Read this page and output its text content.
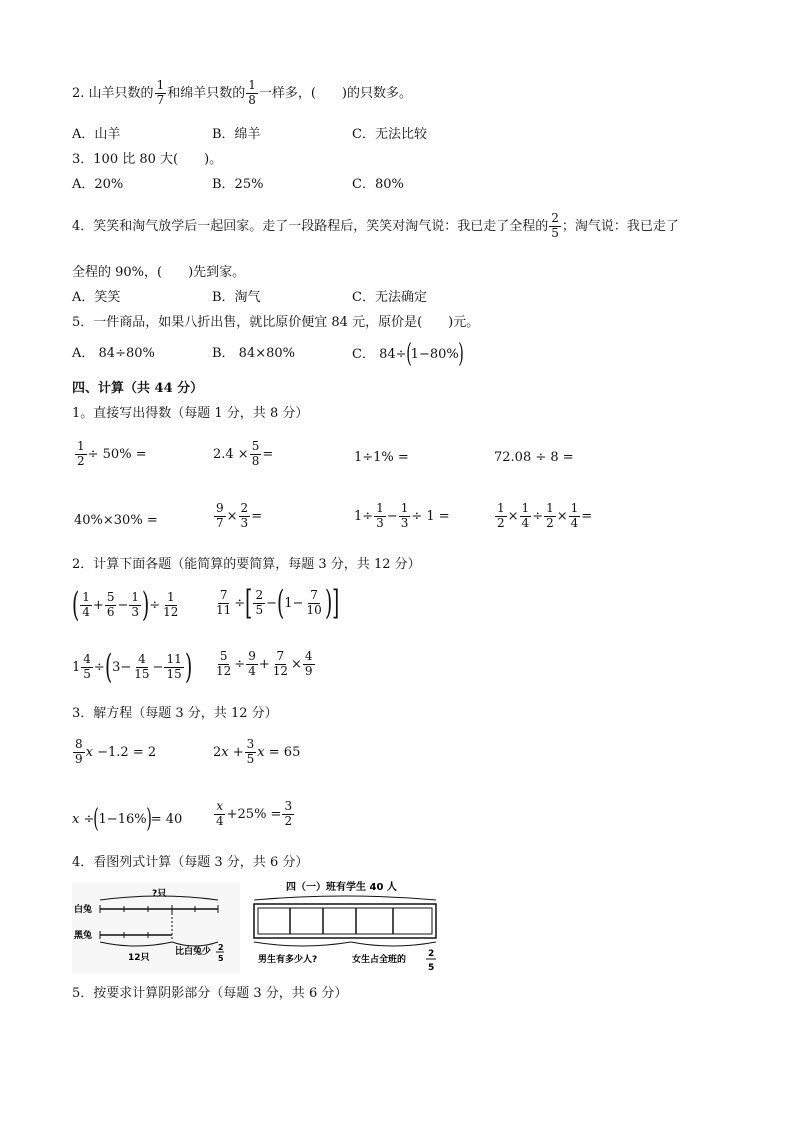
2.
山羊只数的 $\frac{1}{7}$ 和绵羊只数的 $\frac{1}{8}$ 一样多，(　　)的只数多。
A．山羊	B．绵羊	C．无法比较
3．100 比 80 大(　　)。
A．20%	B．25%	C．80%
4．笑笑和淘气放学后一起回家。走了一段路程后，笑笑对淘气说：我已走了全程的 $\frac{2}{5}$ ；淘气说：我已走了
全程的 90%，(　　)先到家。
A．笑笑	B．淘气	C．无法确定
5．一件商品，如果八折出售，就比原价便宜 84 元，原价是(　　)元。
A． 84÷80%	B． 84×80%	C． 84÷ ( 1−80% )
四、计算（共 44 分）
1。直接写出得数（每题 1 分，共 8 分）
$\frac{1}{2} \div 50\%$ =	$2.4 \times \frac{5}{8}$ =	1÷1% =	72.08 ÷ 8 =
40%×30% =	$\frac{9}{7} \times \frac{2}{3}$ =	$1\div \frac{1}{3} - \frac{1}{3} \div 1$ =	$\frac{1}{2} \times \frac{1}{4} \div \frac{1}{2} \times \frac{1}{4}$ =
2．计算下面各题（能简算的要简算，每题 3 分，共 12 分）
( $\frac{1}{4} + \frac{5}{6} - \frac{1}{3}$ ) ÷ $\frac{1}{12}$	$\frac{7}{11}$ ÷ [ $\frac{2}{5}$ − ( $1- \frac{7}{10}$ ) ]
$1 \frac{4}{5}$ ÷ ( $3- \frac{4}{15} - \frac{11}{15}$ ) $\frac{5}{12} \div \frac{9}{4} + \frac{7}{12} \times \frac{4}{9}$
3．解方程（每题 3 分，共 12 分）
$\frac{8}{9}$ x −1.2 = 2	2 $x + \frac{3}{5}$ x = 65
x ÷ ( 1−16% ) = 40	$\frac{x}{4} +25\% = \frac{3}{2}$
4．看图列式计算（每题 3 分，共 6 分）
?只
白兔
黑兔
12只
比白兔少 2
5
四（一）班有学生 40 人
男生有多少人?	女生占全班的
2
5
5．按要求计算阴影部分（每题 3 分，共 6 分）
